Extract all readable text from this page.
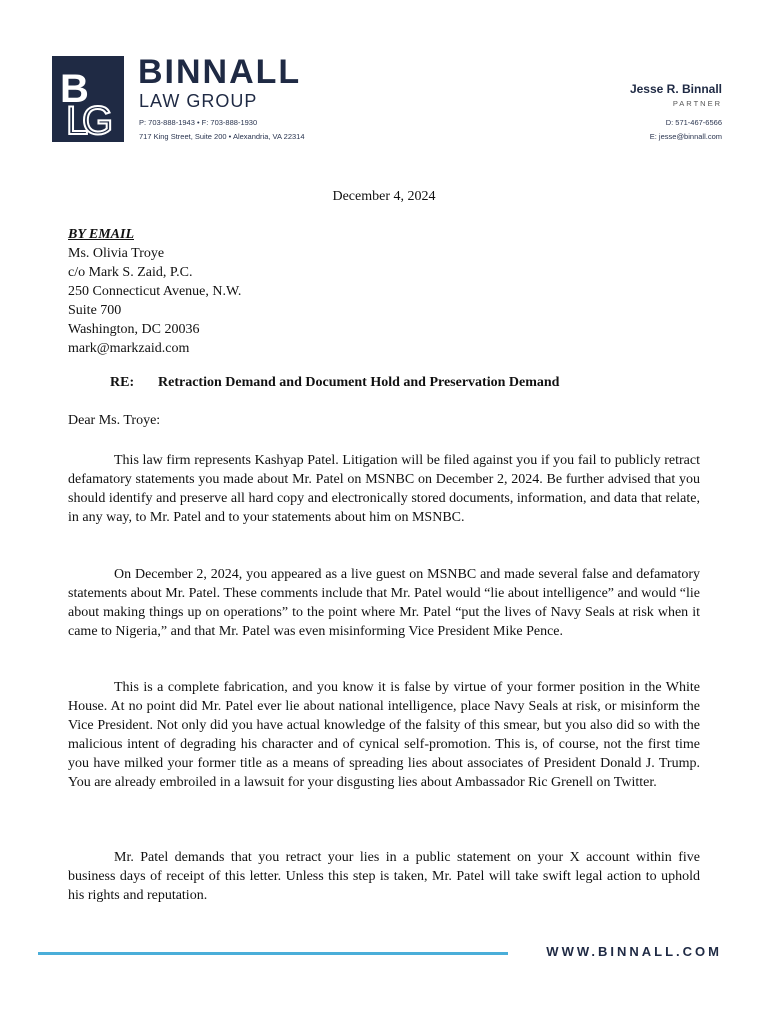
B
L
G
BINNALL
LAW GROUP
P: 703-888-1943 • F: 703-888-1930
717 King Street, Suite 200 • Alexandria, VA 22314
Jesse R. Binnall
PARTNER
D: 571-467-6566
E: jesse@binnall.com
December 4, 2024
BY EMAIL
Ms. Olivia Troye
c/o Mark S. Zaid, P.C.
250 Connecticut Avenue, N.W.
Suite 700
Washington, DC 20036
mark@markzaid.com
RE: Retraction Demand and Document Hold and Preservation Demand
Dear Ms. Troye:

This law firm represents Kashyap Patel. Litigation will be filed against you if you fail to publicly retract defamatory statements you made about Mr. Patel on MSNBC on December 2, 2024. Be further advised that you should identify and preserve all hard copy and electronically stored documents, information, and data that relate, in any way, to Mr. Patel and to your statements about him on MSNBC.

On December 2, 2024, you appeared as a live guest on MSNBC and made several false and defamatory statements about Mr. Patel. These comments include that Mr. Patel would “lie about intelligence” and would “lie about making things up on operations” to the point where Mr. Patel “put the lives of Navy Seals at risk when it came to Nigeria,” and that Mr. Patel was even misinforming Vice President Mike Pence.

This is a complete fabrication, and you know it is false by virtue of your former position in the White House. At no point did Mr. Patel ever lie about national intelligence, place Navy Seals at risk, or misinform the Vice President. Not only did you have actual knowledge of the falsity of this smear, but you also did so with the malicious intent of degrading his character and of cynical self-promotion. This is, of course, not the first time you have milked your former title as a means of spreading lies about associates of President Donald J. Trump. You are already embroiled in a lawsuit for your disgusting lies about Ambassador Ric Grenell on Twitter.

Mr. Patel demands that you retract your lies in a public statement on your X account within five business days of receipt of this letter. Unless this step is taken, Mr. Patel will take swift legal action to uphold his rights and reputation.

WWW.BINNALL.COM
